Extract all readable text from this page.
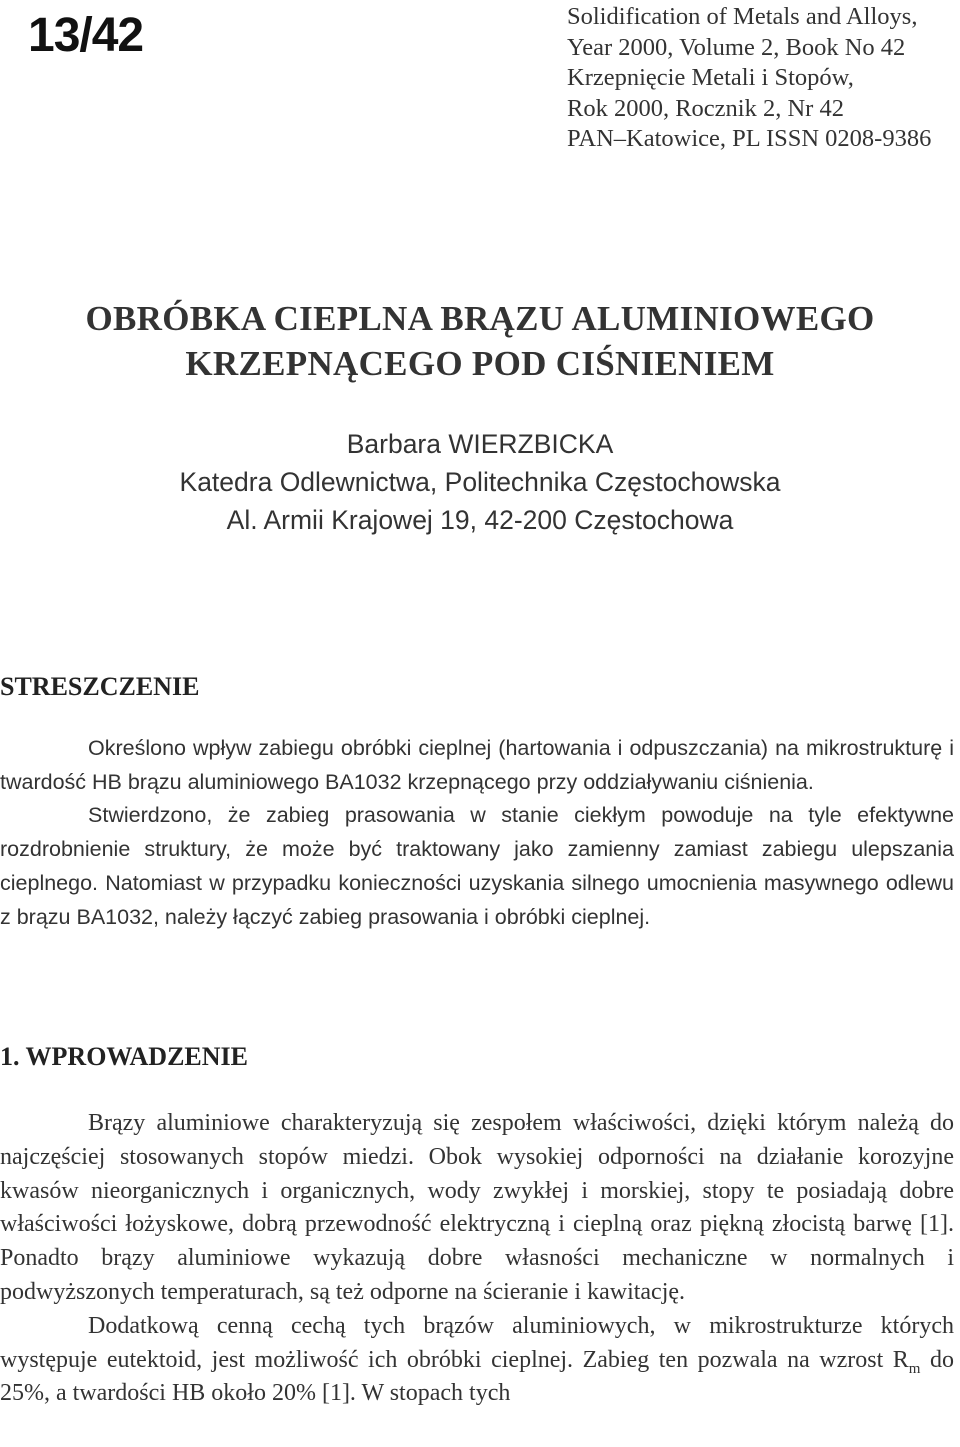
13/42	Solidification of Metals and Alloys,
Year 2000, Volume 2, Book No 42
Krzepnięcie Metali i Stopów,
Rok 2000, Rocznik 2, Nr 42
PAN–Katowice, PL ISSN 0208-9386
OBRÓBKA CIEPLNA BRĄZU ALUMINIOWEGO
KRZEPNĄCEGO POD CIŚNIENIEM
Barbara WIERZBICKA
Katedra Odlewnictwa, Politechnika Częstochowska
Al. Armii Krajowej 19, 42-200 Częstochowa
STRESZCZENIE

Określono wpływ zabiegu obróbki cieplnej (hartowania i odpuszczania) na mikrostrukturę i twardość HB brązu aluminiowego BA1032 krzepnącego przy oddziaływaniu ciśnienia.

Stwierdzono, że zabieg prasowania w stanie ciekłym powoduje na tyle efektywne rozdrobnienie struktury, że może być traktowany jako zamienny zamiast zabiegu ulepszania cieplnego. Natomiast w przypadku konieczności uzyskania silnego umocnienia masywnego odlewu z brązu BA1032, należy łączyć zabieg prasowania i obróbki cieplnej.

1. WPROWADZENIE

Brązy aluminiowe charakteryzują się zespołem właściwości, dzięki którym należą do najczęściej stosowanych stopów miedzi. Obok wysokiej odporności na działanie korozyjne kwasów nieorganicznych i organicznych, wody zwykłej i morskiej, stopy te posiadają dobre właściwości łożyskowe, dobrą przewodność elektryczną i cieplną oraz piękną złocistą barwę [1]. Ponadto brązy aluminiowe wykazują dobre własności mechaniczne w normalnych i podwyższonych temperaturach, są też odporne na ścieranie i kawitację.

Dodatkową cenną cechą tych brązów aluminiowych, w mikrostrukturze których występuje eutektoid, jest możliwość ich obróbki cieplnej. Zabieg ten pozwala na wzrost $R_m$ do 25%, a twardości HB około 20% [1]. W stopach tych
